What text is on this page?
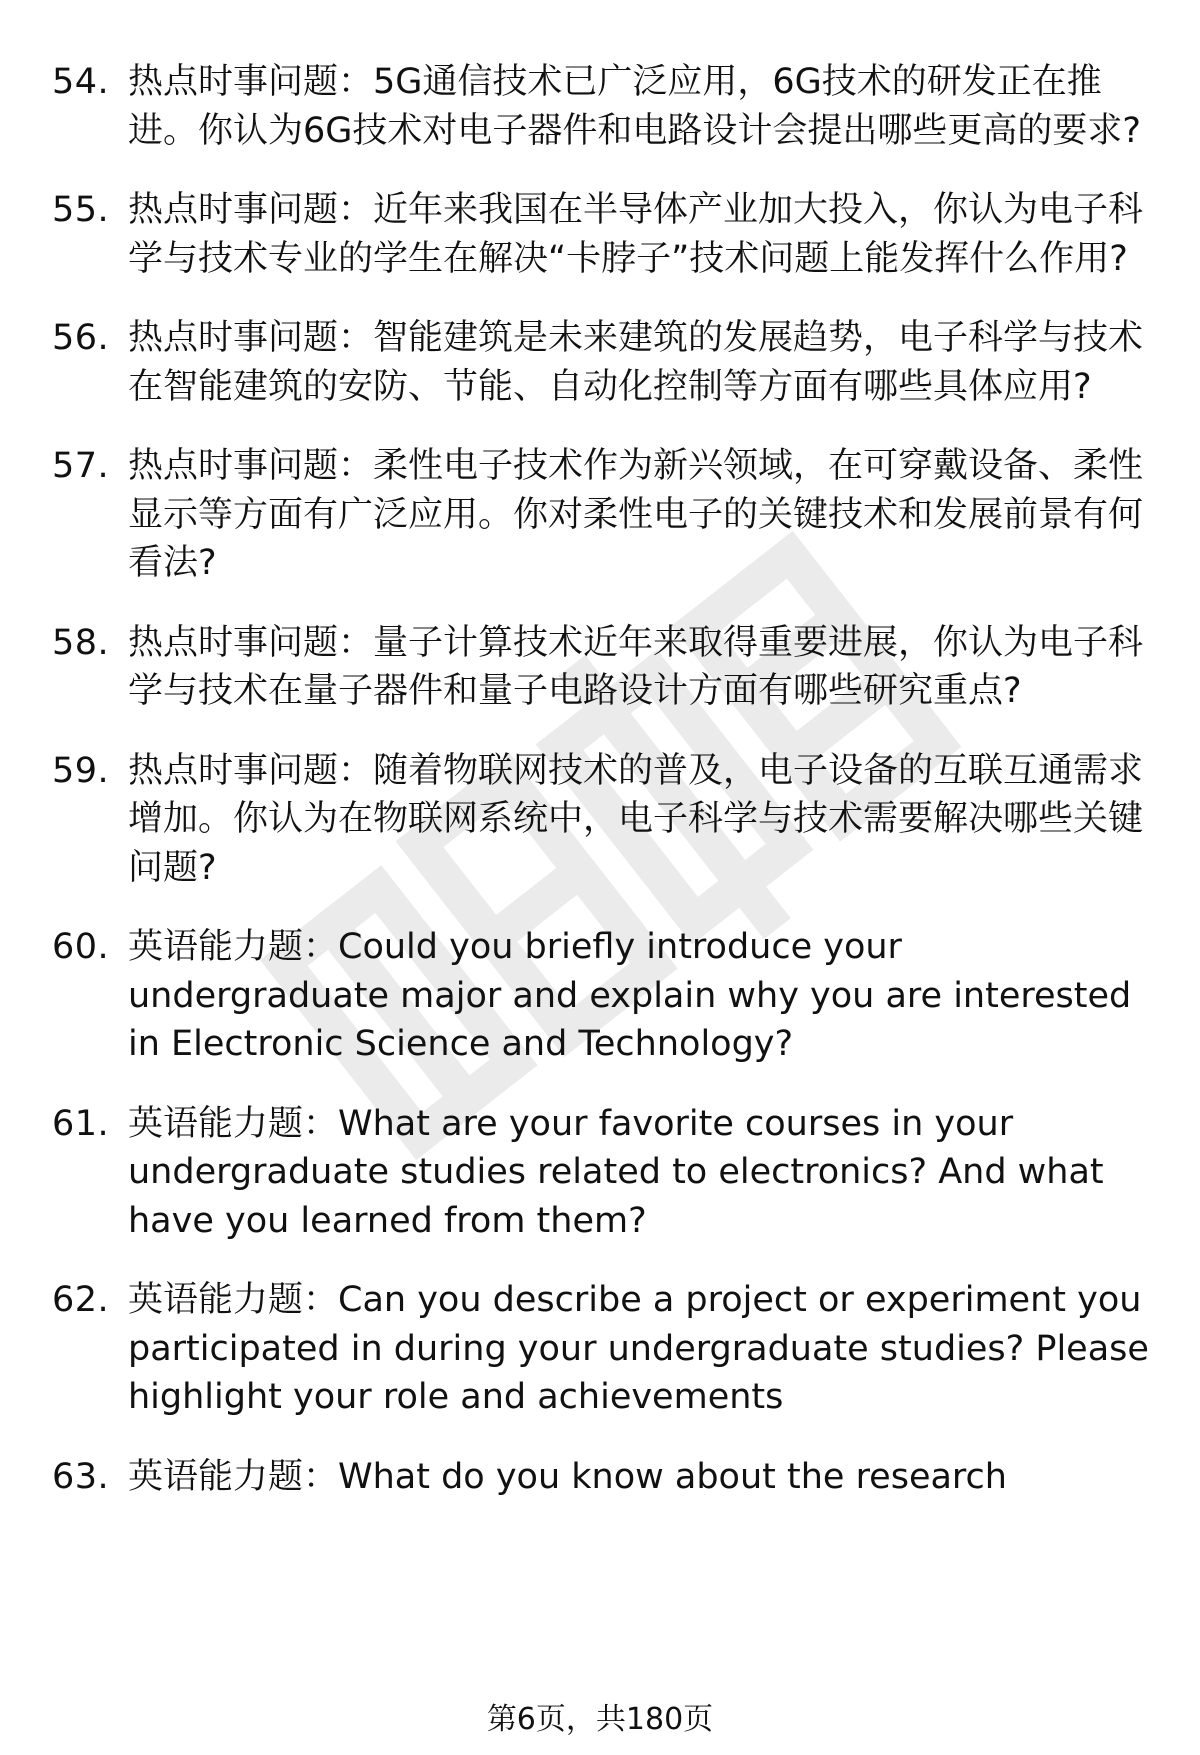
54. 热点时事问题：5G通信技术已广泛应用，6G技术的研发正在推进。你认为6G技术对电子器件和电路设计会提出哪些更高的要求?
55. 热点时事问题：近年来我国在半导体产业加大投入，你认为电子科学与技术专业的学生在解决“卡脖子”技术问题上能发挥什么作用?
56. 热点时事问题：智能建筑是未来建筑的发展趋势，电子科学与技术在智能建筑的安防、节能、自动化控制等方面有哪些具体应用?
57. 热点时事问题：柔性电子技术作为新兴领域，在可穿戴设备、柔性显示等方面有广泛应用。你对柔性电子的关键技术和发展前景有何看法?
58. 热点时事问题：量子计算技术近年来取得重要进展，你认为电子科学与技术在量子器件和量子电路设计方面有哪些研究重点?
59. 热点时事问题：随着物联网技术的普及，电子设备的互联互通需求增加。你认为在物联网系统中，电子科学与技术需要解决哪些关键问题?
60. 英语能力题：Could you briefly introduce your undergraduate major and explain why you are interested in Electronic Science and Technology?
61. 英语能力题：What are your favorite courses in your undergraduate studies related to electronics? And what have you learned from them?
62. 英语能力题：Can you describe a project or experiment you participated in during your undergraduate studies? Please highlight your role and achievements
63. 英语能力题：What do you know about the research
第6页，共180页
